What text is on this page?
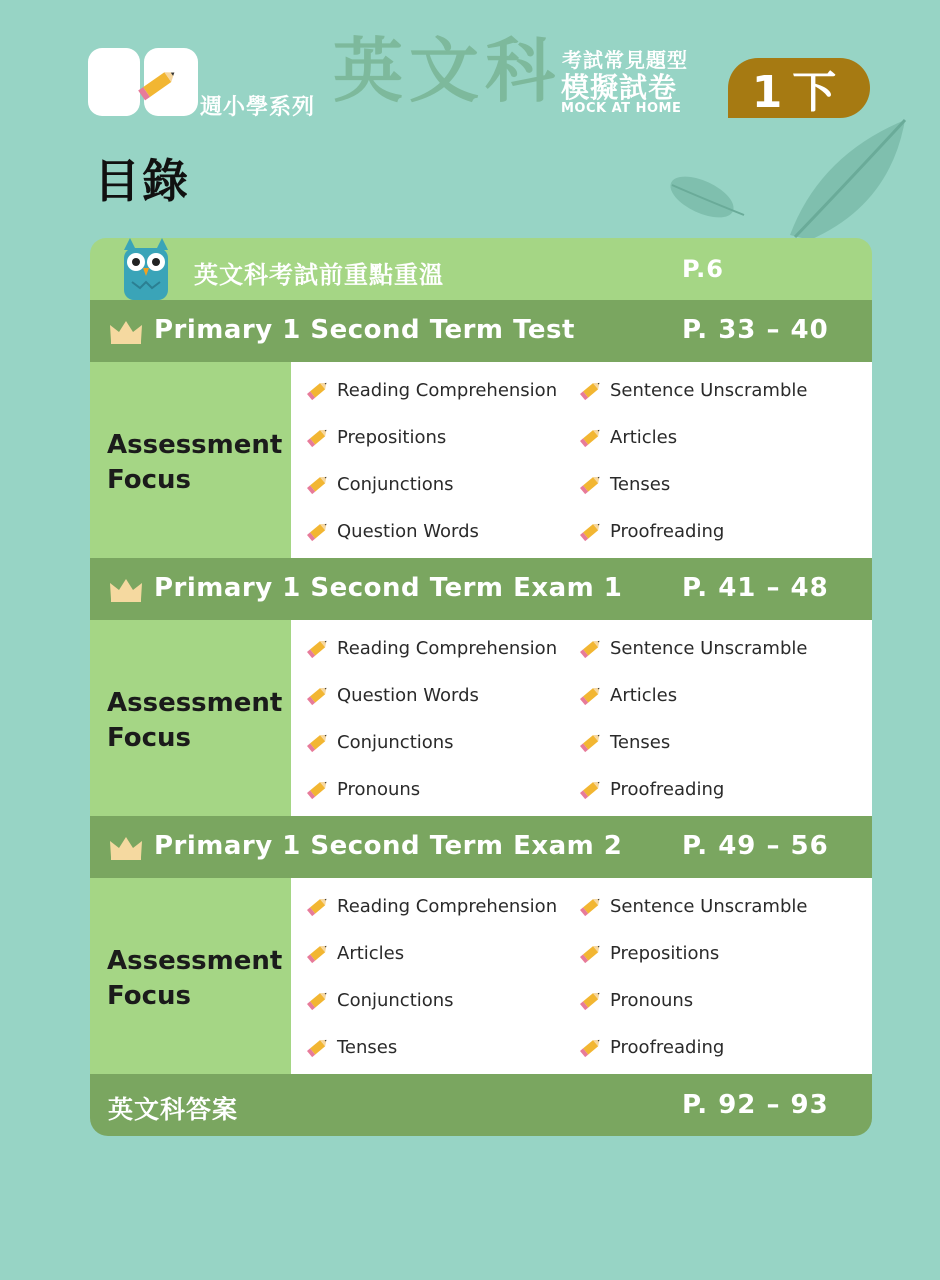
週小學系列 英文科 考試常見題型
模擬試卷
MOCK AT HOME	1下
目錄
英文科考試前重點重溫	P.6
Primary 1 Second Term Test	P. 33 – 40
Assessment Focus
Reading Comprehension	Sentence Unscramble
Prepositions	Articles
Conjunctions	Tenses
Question Words	Proofreading
Primary 1 Second Term Exam 1 P. 41 – 48
Assessment Focus
Reading Comprehension	Sentence Unscramble
Question Words	Articles
Conjunctions	Tenses
Pronouns	Proofreading
Primary 1 Second Term Exam 2 P. 49 – 56
Assessment Focus
Reading Comprehension	Sentence Unscramble
Articles	Prepositions
Conjunctions	Pronouns
Tenses	Proofreading
英文科答案	P. 92 – 93
